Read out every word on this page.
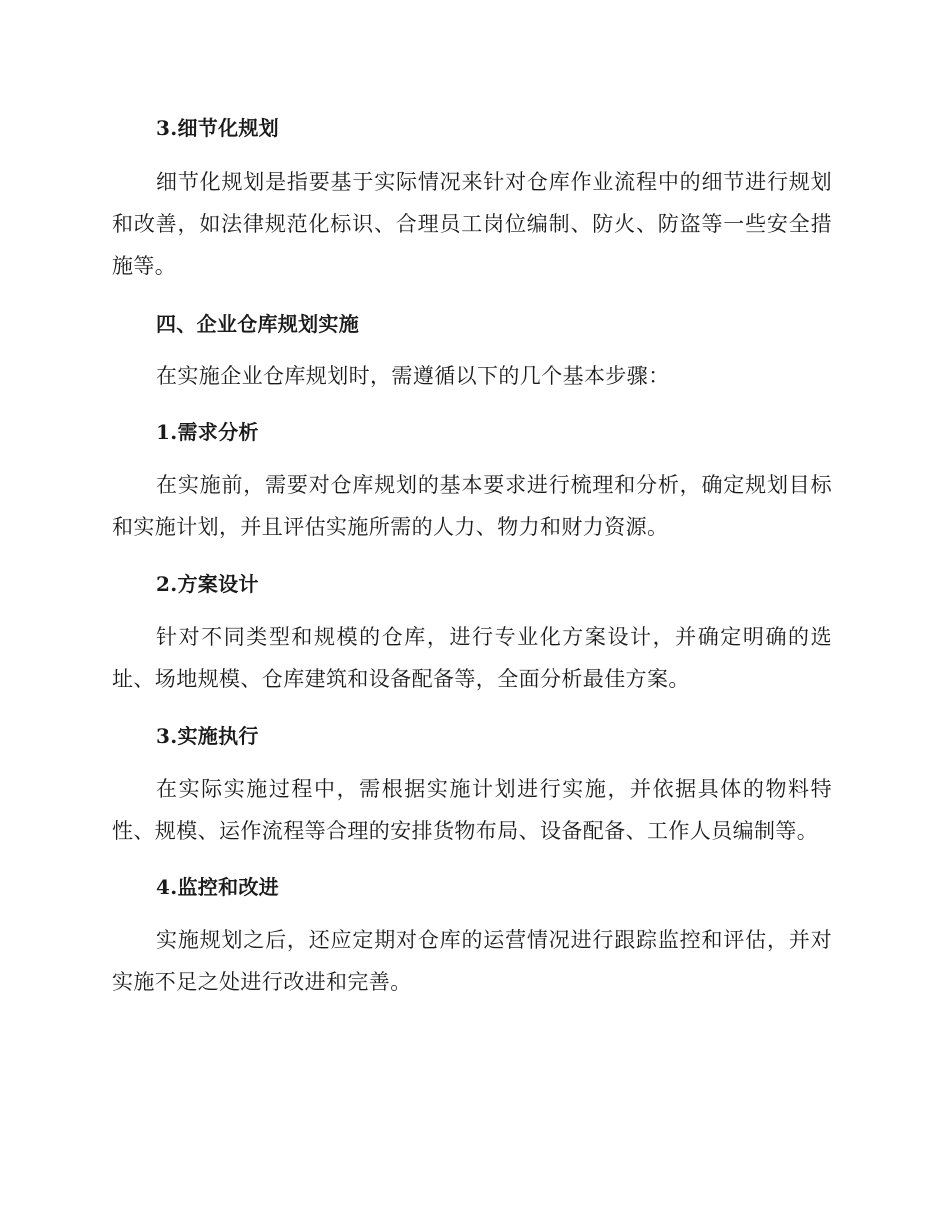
3.细节化规划
细节化规划是指要基于实际情况来针对仓库作业流程中的细节进行规划和改善，如法律规范化标识、合理员工岗位编制、防火、防盗等一些安全措施等。
四、企业仓库规划实施
在实施企业仓库规划时，需遵循以下的几个基本步骤：
1.需求分析
在实施前，需要对仓库规划的基本要求进行梳理和分析，确定规划目标和实施计划，并且评估实施所需的人力、物力和财力资源。
2.方案设计
针对不同类型和规模的仓库，进行专业化方案设计，并确定明确的选址、场地规模、仓库建筑和设备配备等，全面分析最佳方案。
3.实施执行
在实际实施过程中，需根据实施计划进行实施，并依据具体的物料特性、规模、运作流程等合理的安排货物布局、设备配备、工作人员编制等。
4.监控和改进
实施规划之后，还应定期对仓库的运营情况进行跟踪监控和评估，并对实施不足之处进行改进和完善。
